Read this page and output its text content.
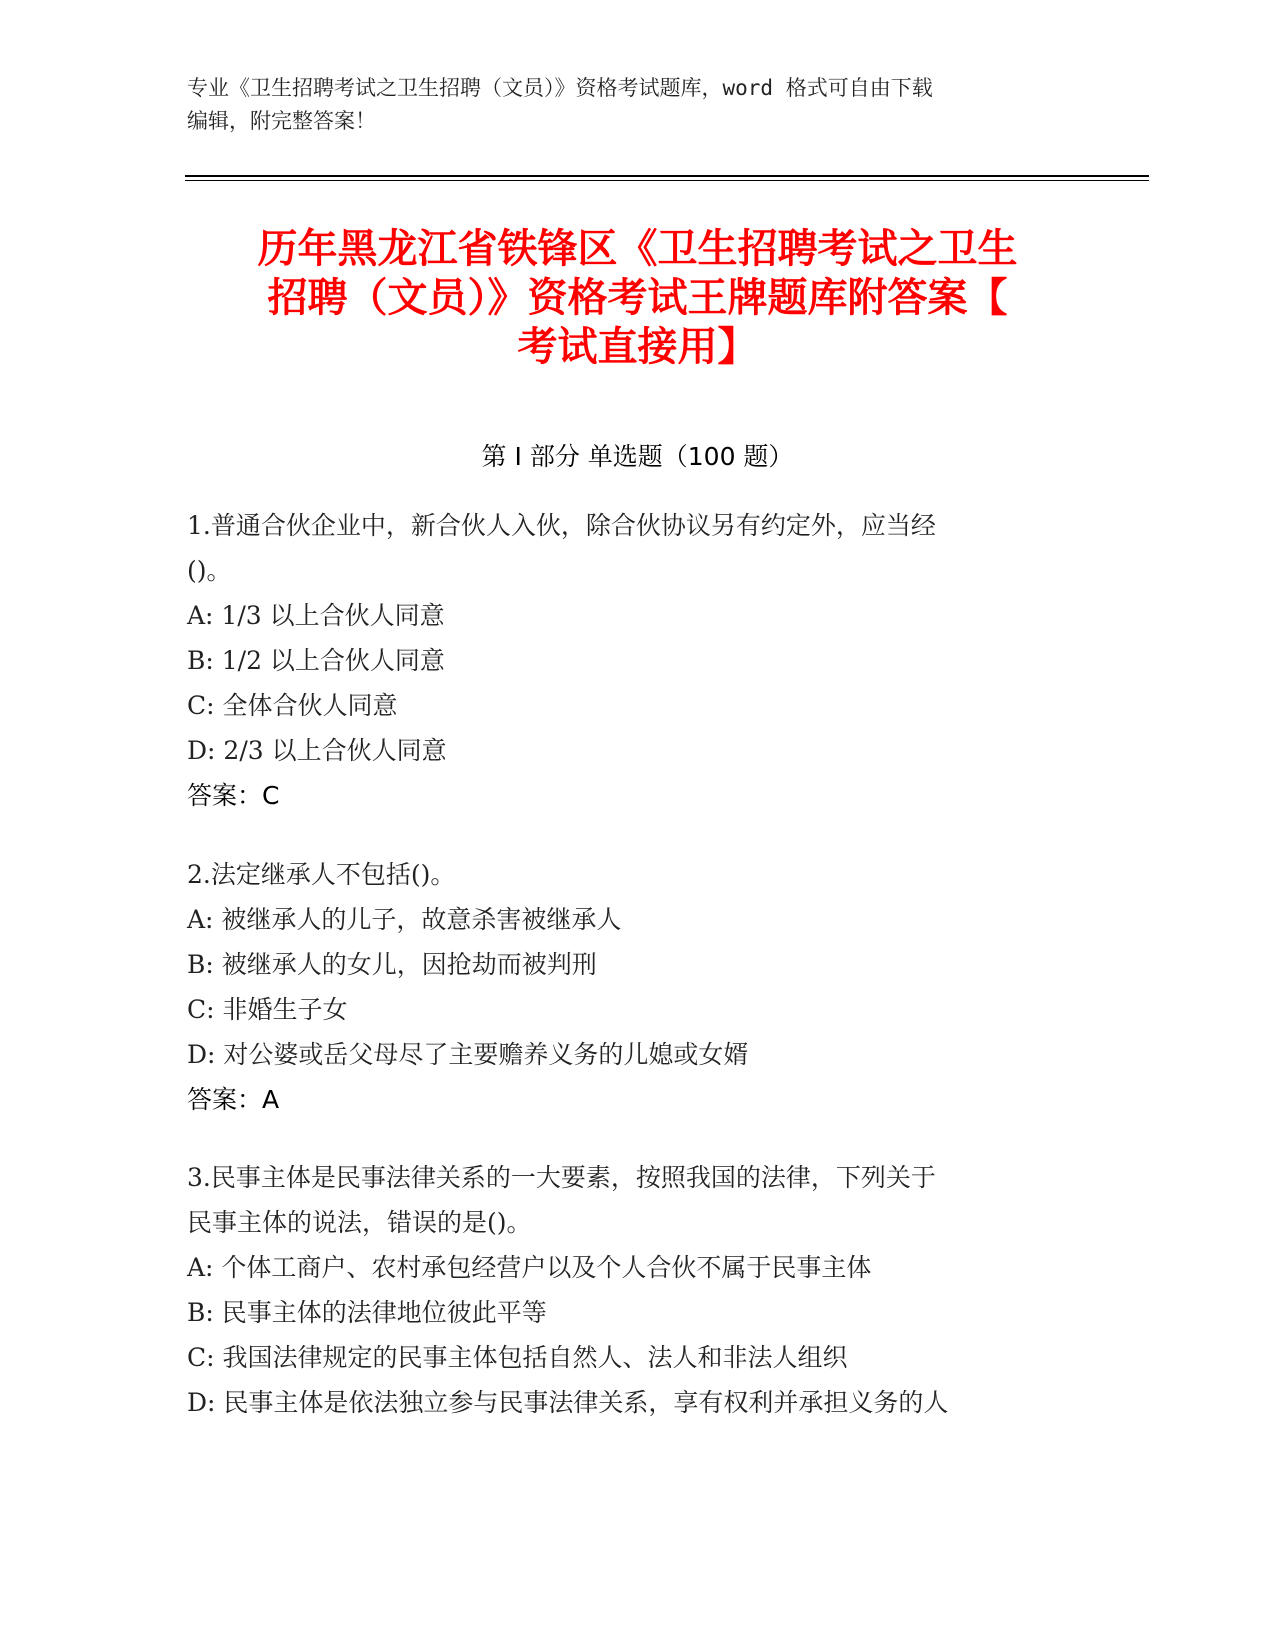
专业《卫生招聘考试之卫生招聘（文员）》资格考试题库，word 格式可自由下载
编辑，附完整答案！
历年黑龙江省铁锋区《卫生招聘考试之卫生
招聘（文员）》资格考试王牌题库附答案【
考试直接用】
第 I 部分 单选题（100 题）
1.普通合伙企业中，新合伙人入伙，除合伙协议另有约定外，应当经
()。
A: 1/3 以上合伙人同意
B: 1/2 以上合伙人同意
C: 全体合伙人同意
D: 2/3 以上合伙人同意
答案：C
2.法定继承人不包括()。
A: 被继承人的儿子，故意杀害被继承人
B: 被继承人的女儿，因抢劫而被判刑
C: 非婚生子女
D: 对公婆或岳父母尽了主要赡养义务的儿媳或女婿
答案：A
3.民事主体是民事法律关系的一大要素，按照我国的法律，下列关于
民事主体的说法，错误的是()。
A: 个体工商户、农村承包经营户以及个人合伙不属于民事主体
B: 民事主体的法律地位彼此平等
C: 我国法律规定的民事主体包括自然人、法人和非法人组织
D: 民事主体是依法独立参与民事法律关系，享有权利并承担义务的人
